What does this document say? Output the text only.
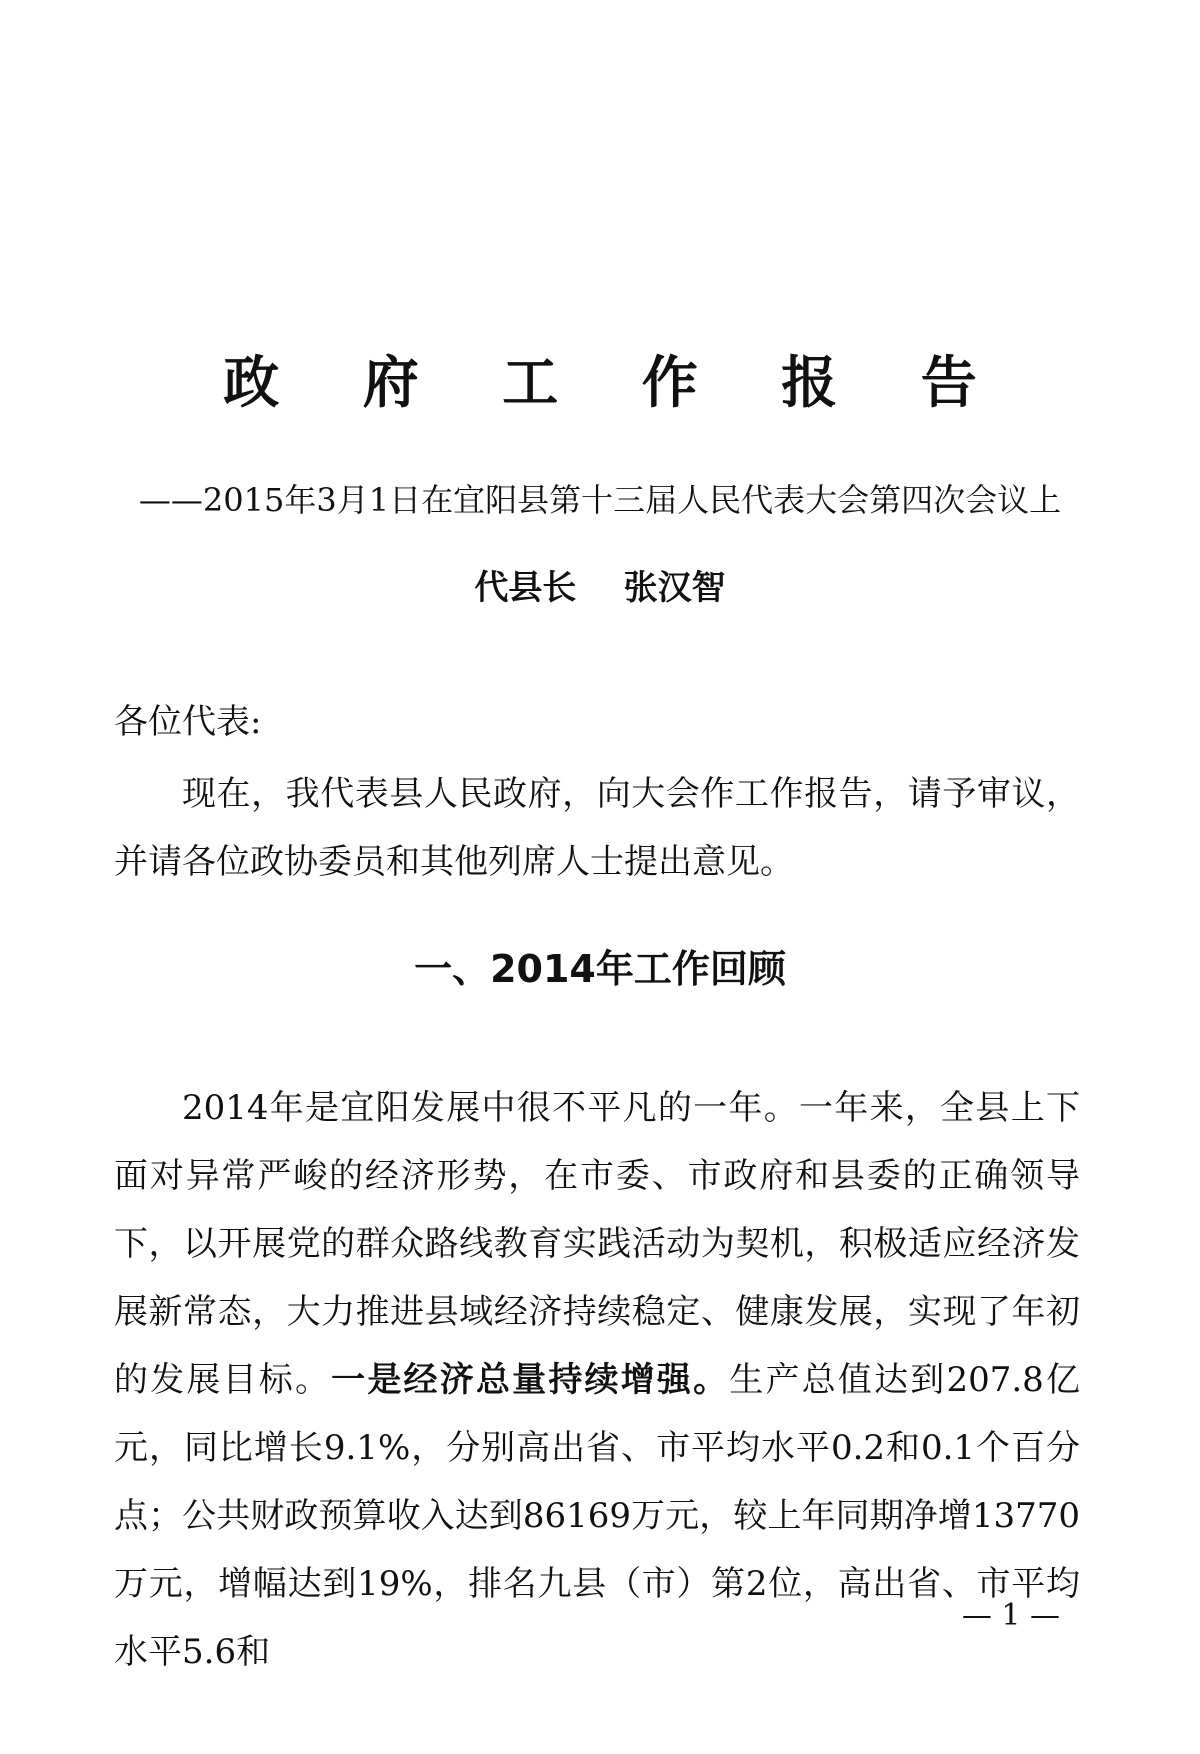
政 府 工 作 报 告
——2015年3月1日在宜阳县第十三届人民代表大会第四次会议上
代县长    张汉智
各位代表:

现在，我代表县人民政府，向大会作工作报告，请予审议，并请各位政协委员和其他列席人士提出意见。

一、2014年工作回顾

2014年是宜阳发展中很不平凡的一年。一年来，全县上下面对异常严峻的经济形势，在市委、市政府和县委的正确领导下，以开展党的群众路线教育实践活动为契机，积极适应经济发展新常态，大力推进县域经济持续稳定、健康发展，实现了年初的发展目标。一是经济总量持续增强。生产总值达到207.8亿元，同比增长9.1%，分别高出省、市平均水平0.2和0.1个百分点；公共财政预算收入达到86169万元，较上年同期净增13770万元，增幅达到19%，排名九县（市）第2位，高出省、市平均水平5.6和

— 1 —
